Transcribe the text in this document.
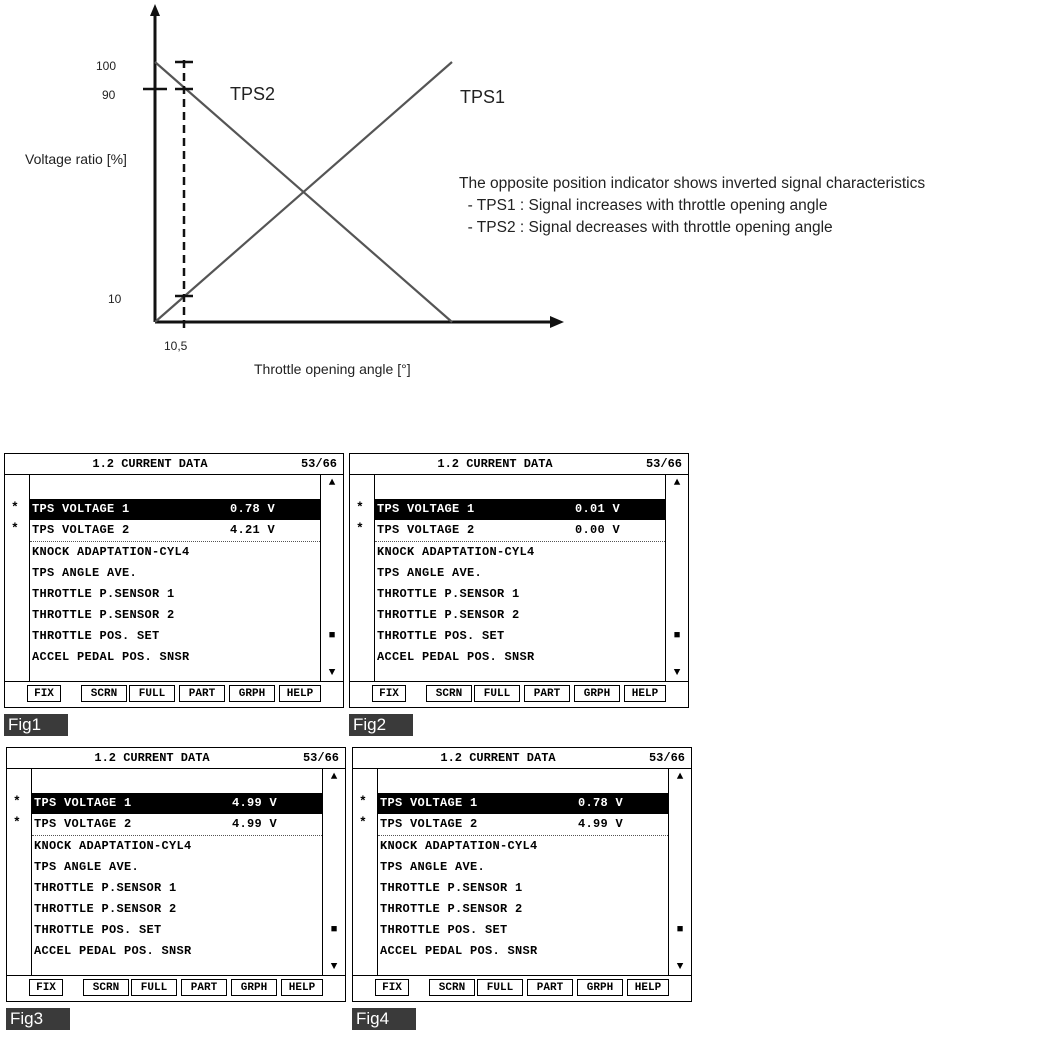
100
90
10
10,5
Voltage ratio [%]
Throttle opening angle [°]
TPS2	TPS1
The opposite position indicator shows inverted signal characteristics
- TPS1 : Signal increases with throttle opening angle
- TPS2 : Signal decreases with throttle opening angle
1.2 CURRENT DATA	53/66
▲
■
▼
*
*
TPS VOLTAGE 1	0.78 V
TPS VOLTAGE 2	4.21 V
KNOCK ADAPTATION-CYL4
TPS ANGLE AVE.
THROTTLE P.SENSOR 1
THROTTLE P.SENSOR 2
THROTTLE POS. SET
ACCEL PEDAL POS. SNSR
FIX	SCRN	FULL	PART	GRPH	HELP
Fig1
1.2 CURRENT DATA	53/66
▲
■
▼
*
*
TPS VOLTAGE 1	0.01 V
TPS VOLTAGE 2	0.00 V
KNOCK ADAPTATION-CYL4
TPS ANGLE AVE.
THROTTLE P.SENSOR 1
THROTTLE P.SENSOR 2
THROTTLE POS. SET
ACCEL PEDAL POS. SNSR
FIX	SCRN	FULL	PART	GRPH	HELP
Fig2
1.2 CURRENT DATA	53/66
▲
■
▼
*
*
TPS VOLTAGE 1	4.99 V
TPS VOLTAGE 2	4.99 V
KNOCK ADAPTATION-CYL4
TPS ANGLE AVE.
THROTTLE P.SENSOR 1
THROTTLE P.SENSOR 2
THROTTLE POS. SET
ACCEL PEDAL POS. SNSR
FIX	SCRN	FULL	PART	GRPH	HELP
Fig3
1.2 CURRENT DATA	53/66
▲
■
▼
*
*
TPS VOLTAGE 1	0.78 V
TPS VOLTAGE 2	4.99 V
KNOCK ADAPTATION-CYL4
TPS ANGLE AVE.
THROTTLE P.SENSOR 1
THROTTLE P.SENSOR 2
THROTTLE POS. SET
ACCEL PEDAL POS. SNSR
FIX	SCRN	FULL	PART	GRPH	HELP
Fig4
